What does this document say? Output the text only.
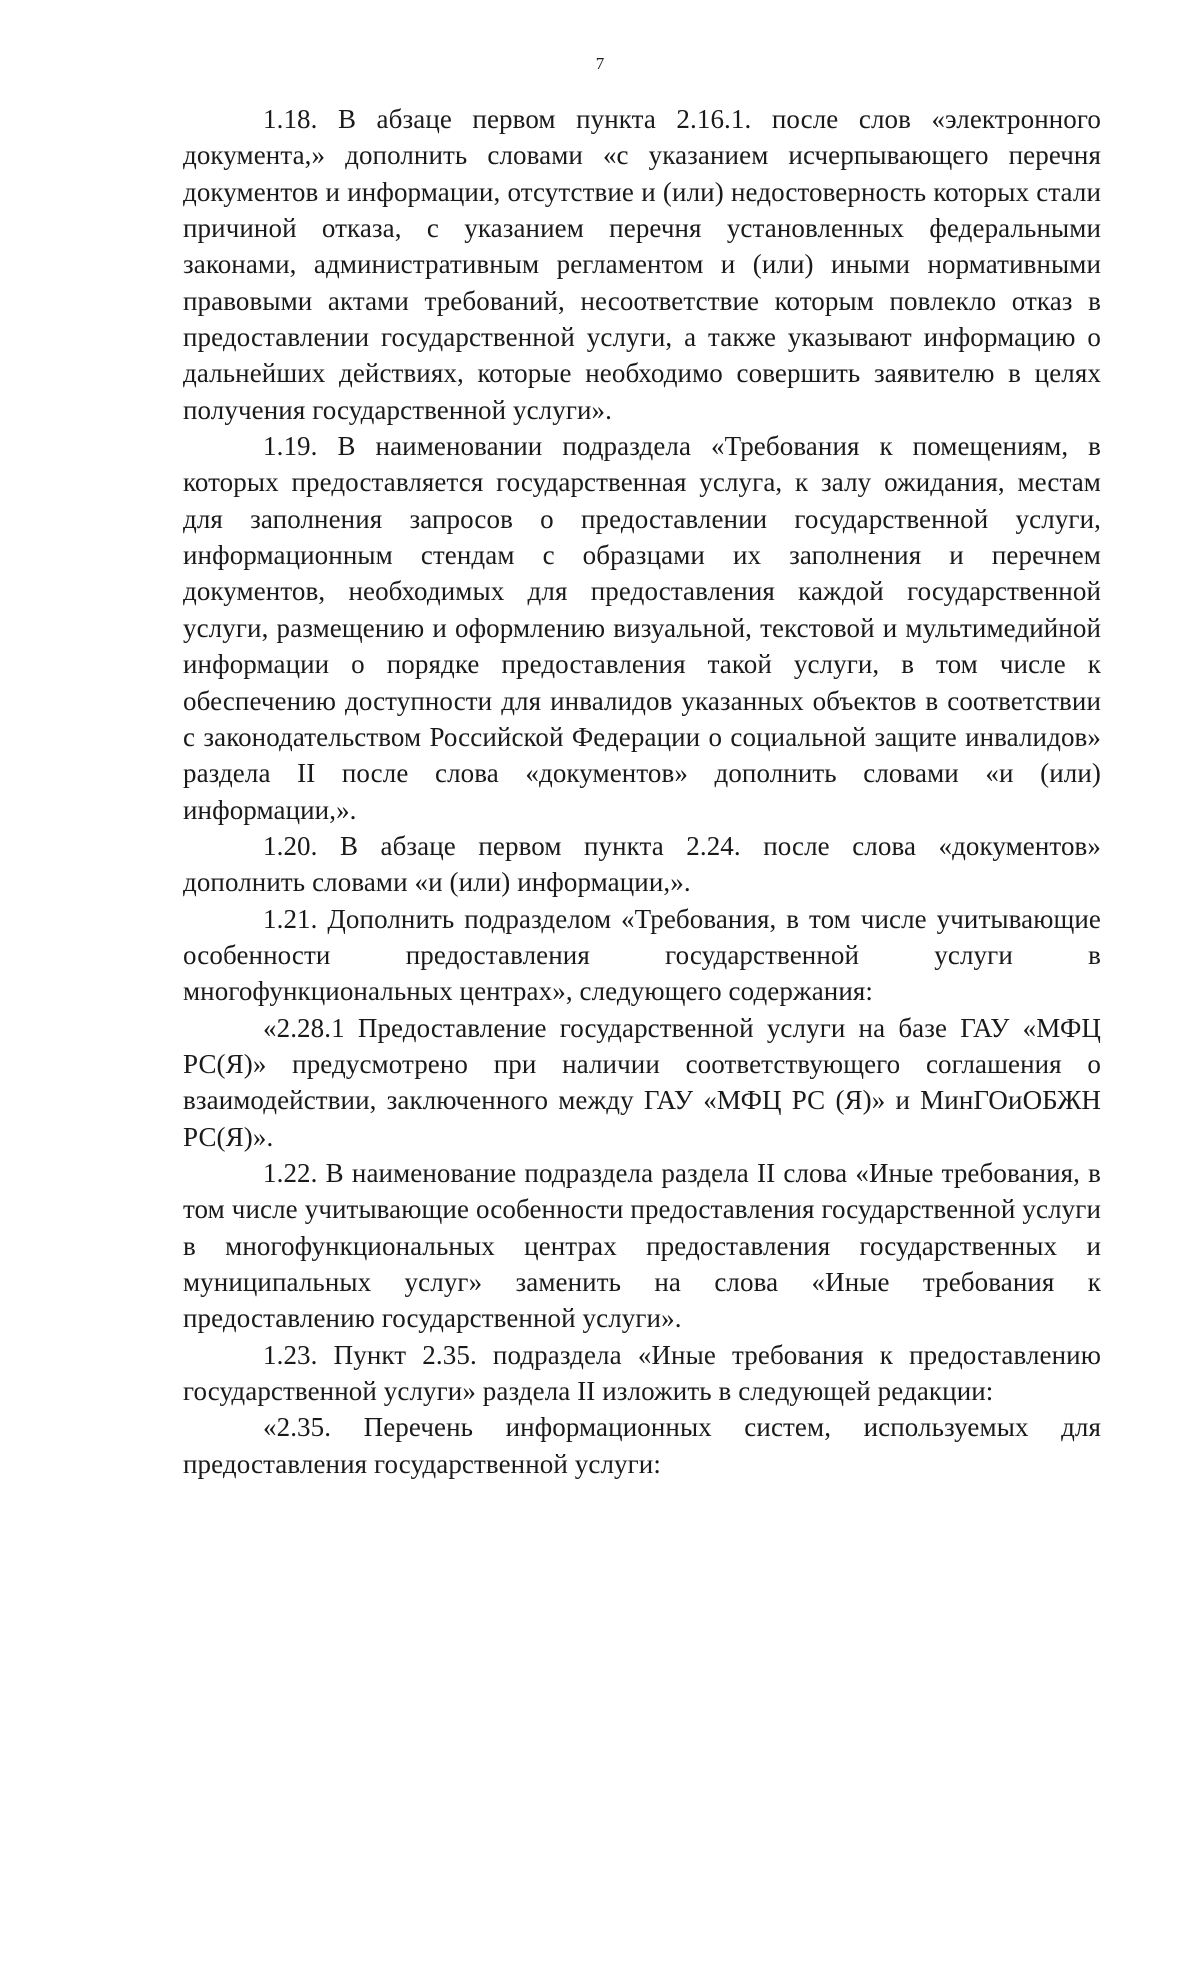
7

1.18. В абзаце первом пункта 2.16.1. после слов «электронного документа,» дополнить словами «с указанием исчерпывающего перечня документов и информации, отсутствие и (или) недостоверность которых стали причиной отказа, с указанием перечня установленных федеральными законами, административным регламентом и (или) иными нормативными правовыми актами требований, несоответствие которым повлекло отказ в предоставлении государственной услуги, а также указывают информацию о дальнейших действиях, которые необходимо совершить заявителю в целях получения государственной услуги».

1.19. В наименовании подраздела «Требования к помещениям, в которых предоставляется государственная услуга, к залу ожидания, местам для заполнения запросов о предоставлении государственной услуги, информационным стендам с образцами их заполнения и перечнем документов, необходимых для предоставления каждой государственной услуги, размещению и оформлению визуальной, текстовой и мультимедийной информации о порядке предоставления такой услуги, в том числе к обеспечению доступности для инвалидов указанных объектов в соответствии с законодательством Российской Федерации о социальной защите инвалидов» раздела II после слова «документов» дополнить словами «и (или) информации,».

1.20. В абзаце первом пункта 2.24. после слова «документов» дополнить словами «и (или) информации,».

1.21. Дополнить подразделом «Требования, в том числе учитывающие особенности предоставления государственной услуги в многофункциональных центрах», следующего содержания:

«2.28.1 Предоставление государственной услуги на базе ГАУ «МФЦ РС(Я)» предусмотрено при наличии соответствующего соглашения о взаимодействии, заключенного между ГАУ «МФЦ РС (Я)» и МинГОиОБЖН РС(Я)».

1.22. В наименование подраздела раздела II слова «Иные требования, в том числе учитывающие особенности предоставления государственной услуги в многофункциональных центрах предоставления государственных и муниципальных услуг» заменить на слова «Иные требования к предоставлению государственной услуги».

1.23. Пункт 2.35. подраздела «Иные требования к предоставлению государственной услуги» раздела II изложить в следующей редакции:

«2.35. Перечень информационных систем, используемых для предоставления государственной услуги:
